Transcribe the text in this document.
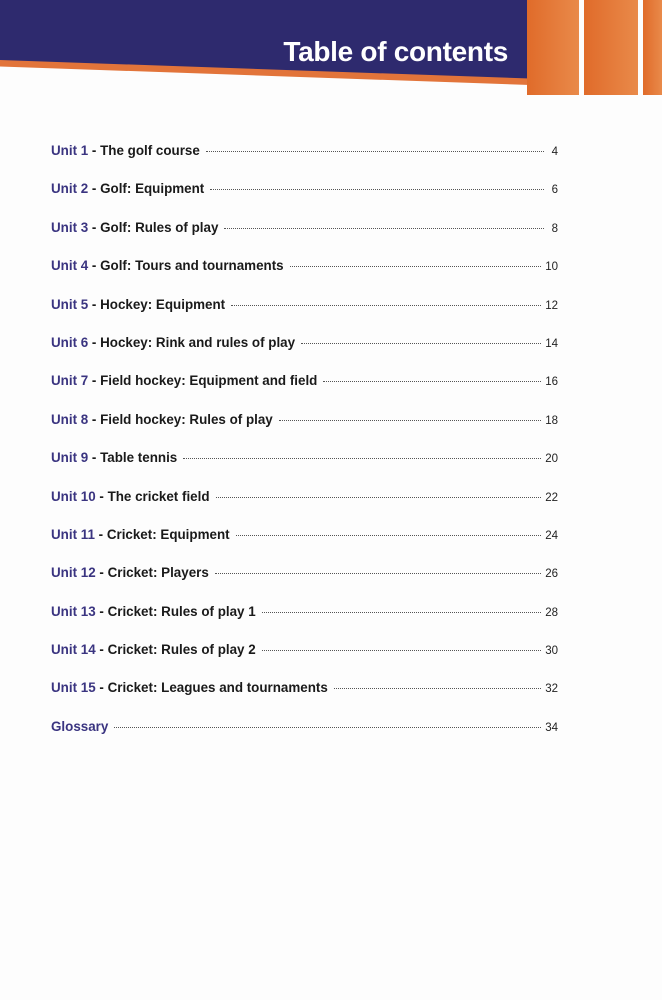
Table of contents
Unit 1 - The golf course	4
Unit 2 - Golf: Equipment	6
Unit 3 - Golf: Rules of play	8
Unit 4 - Golf: Tours and tournaments	10
Unit 5 - Hockey: Equipment	12
Unit 6 - Hockey: Rink and rules of play	14
Unit 7 - Field hockey: Equipment and field	16
Unit 8 - Field hockey: Rules of play	18
Unit 9 - Table tennis	20
Unit 10 - The cricket field	22
Unit 11 - Cricket: Equipment	24
Unit 12 - Cricket: Players	26
Unit 13 - Cricket: Rules of play 1	28
Unit 14 - Cricket: Rules of play 2	30
Unit 15 - Cricket: Leagues and tournaments	32
Glossary	34
